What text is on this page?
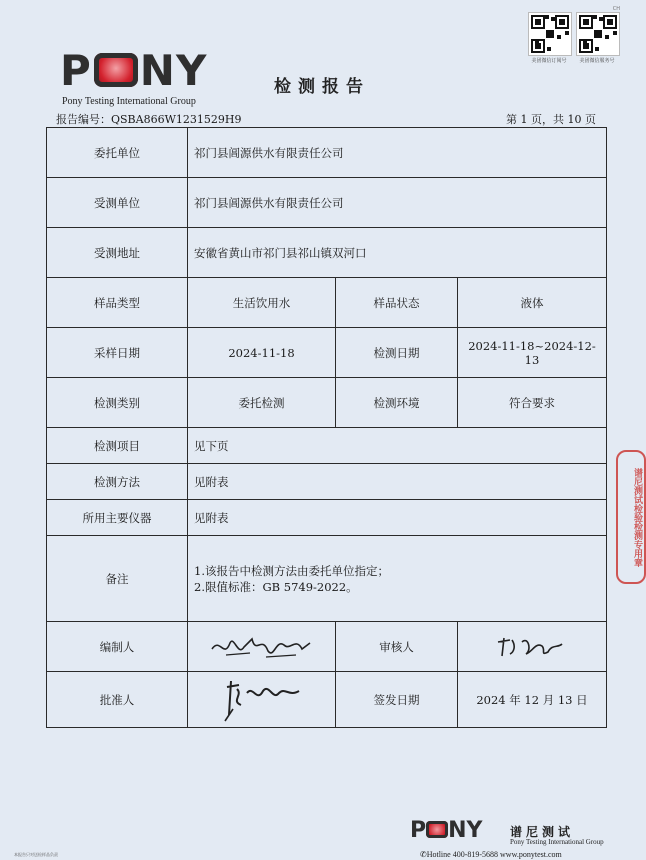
CH
美团微信订阅号	美团微信服务号
P NY
Pony Testing International Group
检测报告
报告编号：QSBA866W1231529H9	第 1 页，共 10 页
委托单位	祁门县阊源供水有限责任公司		
受测单位	祁门县阊源供水有限责任公司		
受测地址	安徽省黄山市祁门县祁山镇双河口		
样品类型	生活饮用水	样品状态	液体
采样日期	2024-11-18	检测日期	2024-11-18~2024-12-13
检测类别	委托检测	检测环境	符合要求
检测项目	见下页		
检测方法	见附表		
所用主要仪器	见附表		
备注	1.该报告中检测方法由委托单位指定；
2.限值标准：GB 5749-2022。		

编制人		审核人	

批准人		签发日期	2024 年 12 月 13 日
谱尼测试检验检测专用章
P NY 谱尼测试
Pony Testing International Group
✆Hotline 400-819-5688 www.ponytest.com
本报告只对送检样品负责
